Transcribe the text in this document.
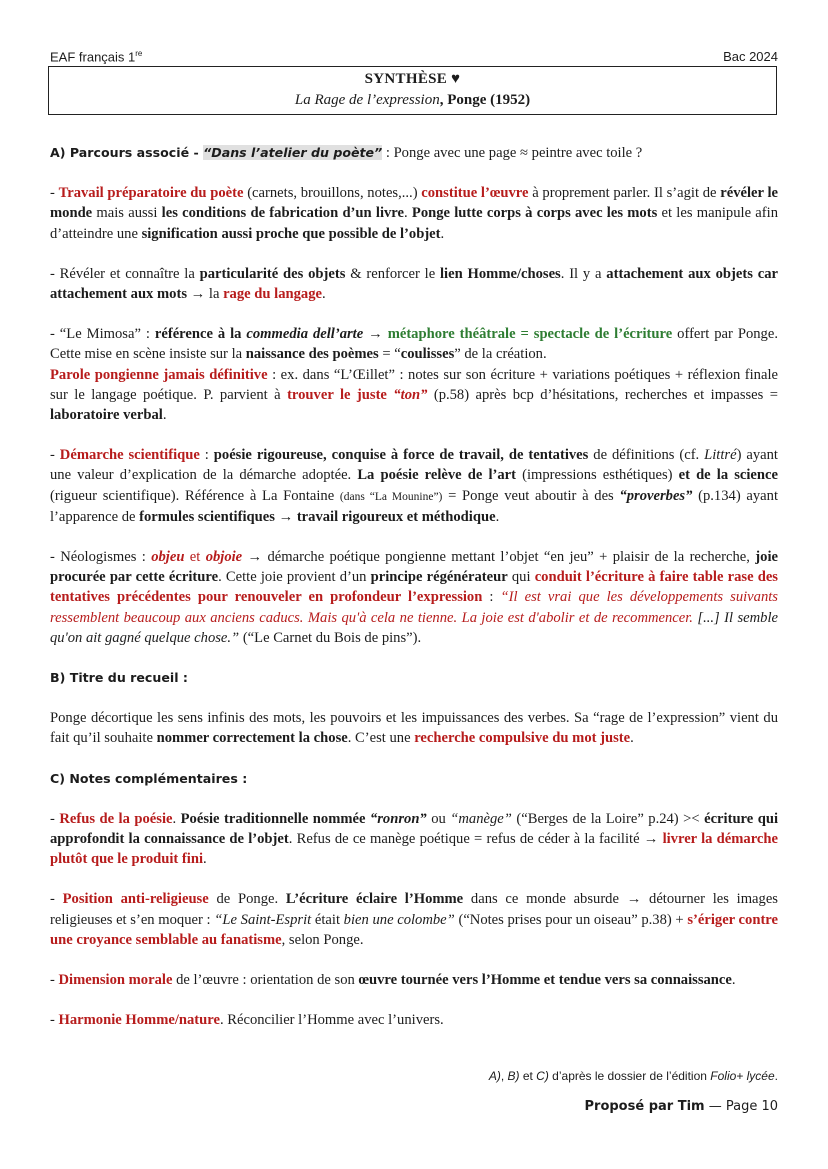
EAF français 1re	Bac 2024
SYNTHÈSE ♥
La Rage de l’expression, Ponge (1952)

A) Parcours associé - “Dans l’atelier du poète” : Ponge avec une page ≈ peintre avec toile ?

- Travail préparatoire du poète (carnets, brouillons, notes,...) constitue l’œuvre à proprement parler. Il s’agit de révéler le monde mais aussi les conditions de fabrication d’un livre. Ponge lutte corps à corps avec les mots et les manipule afin d’atteindre une signification aussi proche que possible de l’objet.

- Révéler et connaître la particularité des objets & renforcer le lien Homme/choses. Il y a attachement aux objets car attachement aux mots → la rage du langage.

- “Le Mimosa” : référence à la commedia dell’arte → métaphore théâtrale = spectacle de l’écriture offert par Ponge. Cette mise en scène insiste sur la naissance des poèmes = “coulisses” de la création.
Parole pongienne jamais définitive : ex. dans “L’Œillet” : notes sur son écriture + variations poétiques + réflexion finale sur le langage poétique. P. parvient à trouver le juste “ton” (p.58) après bcp d’hésitations, recherches et impasses = laboratoire verbal.

- Démarche scientifique : poésie rigoureuse, conquise à force de travail, de tentatives de définitions (cf. Littré) ayant une valeur d’explication de la démarche adoptée. La poésie relève de l’art (impressions esthétiques) et de la science (rigueur scientifique). Référence à La Fontaine (dans “La Mounine”) = Ponge veut aboutir à des “proverbes” (p.134) ayant l’apparence de formules scientifiques → travail rigoureux et méthodique.

- Néologismes : objeu et objoie → démarche poétique pongienne mettant l’objet “en jeu” + plaisir de la recherche, joie procurée par cette écriture. Cette joie provient d’un principe régénérateur qui conduit l’écriture à faire table rase des tentatives précédentes pour renouveler en profondeur l’expression : “Il est vrai que les développements suivants ressemblent beaucoup aux anciens caducs. Mais qu'à cela ne tienne. La joie est d'abolir et de recommencer. [...] Il semble qu'on ait gagné quelque chose.” (“Le Carnet du Bois de pins”).

B) Titre du recueil :

Ponge décortique les sens infinis des mots, les pouvoirs et les impuissances des verbes. Sa “rage de l’expression” vient du fait qu’il souhaite nommer correctement la chose. C’est une recherche compulsive du mot juste.

C) Notes complémentaires :

- Refus de la poésie. Poésie traditionnelle nommée “ronron” ou “manège” (“Berges de la Loire” p.24) >< écriture qui approfondit la connaissance de l’objet. Refus de ce manège poétique = refus de céder à la facilité → livrer la démarche plutôt que le produit fini.

- Position anti-religieuse de Ponge. L’écriture éclaire l’Homme dans ce monde absurde → détourner les images religieuses et s’en moquer : “Le Saint-Esprit était bien une colombe” (“Notes prises pour un oiseau” p.38) + s’ériger contre une croyance semblable au fanatisme, selon Ponge.

- Dimension morale de l’œuvre : orientation de son œuvre tournée vers l’Homme et tendue vers sa connaissance.

- Harmonie Homme/nature. Réconcilier l’Homme avec l’univers.

A), B) et C) d’après le dossier de l’édition Folio+ lycée.
Proposé par Tim — Page 10
